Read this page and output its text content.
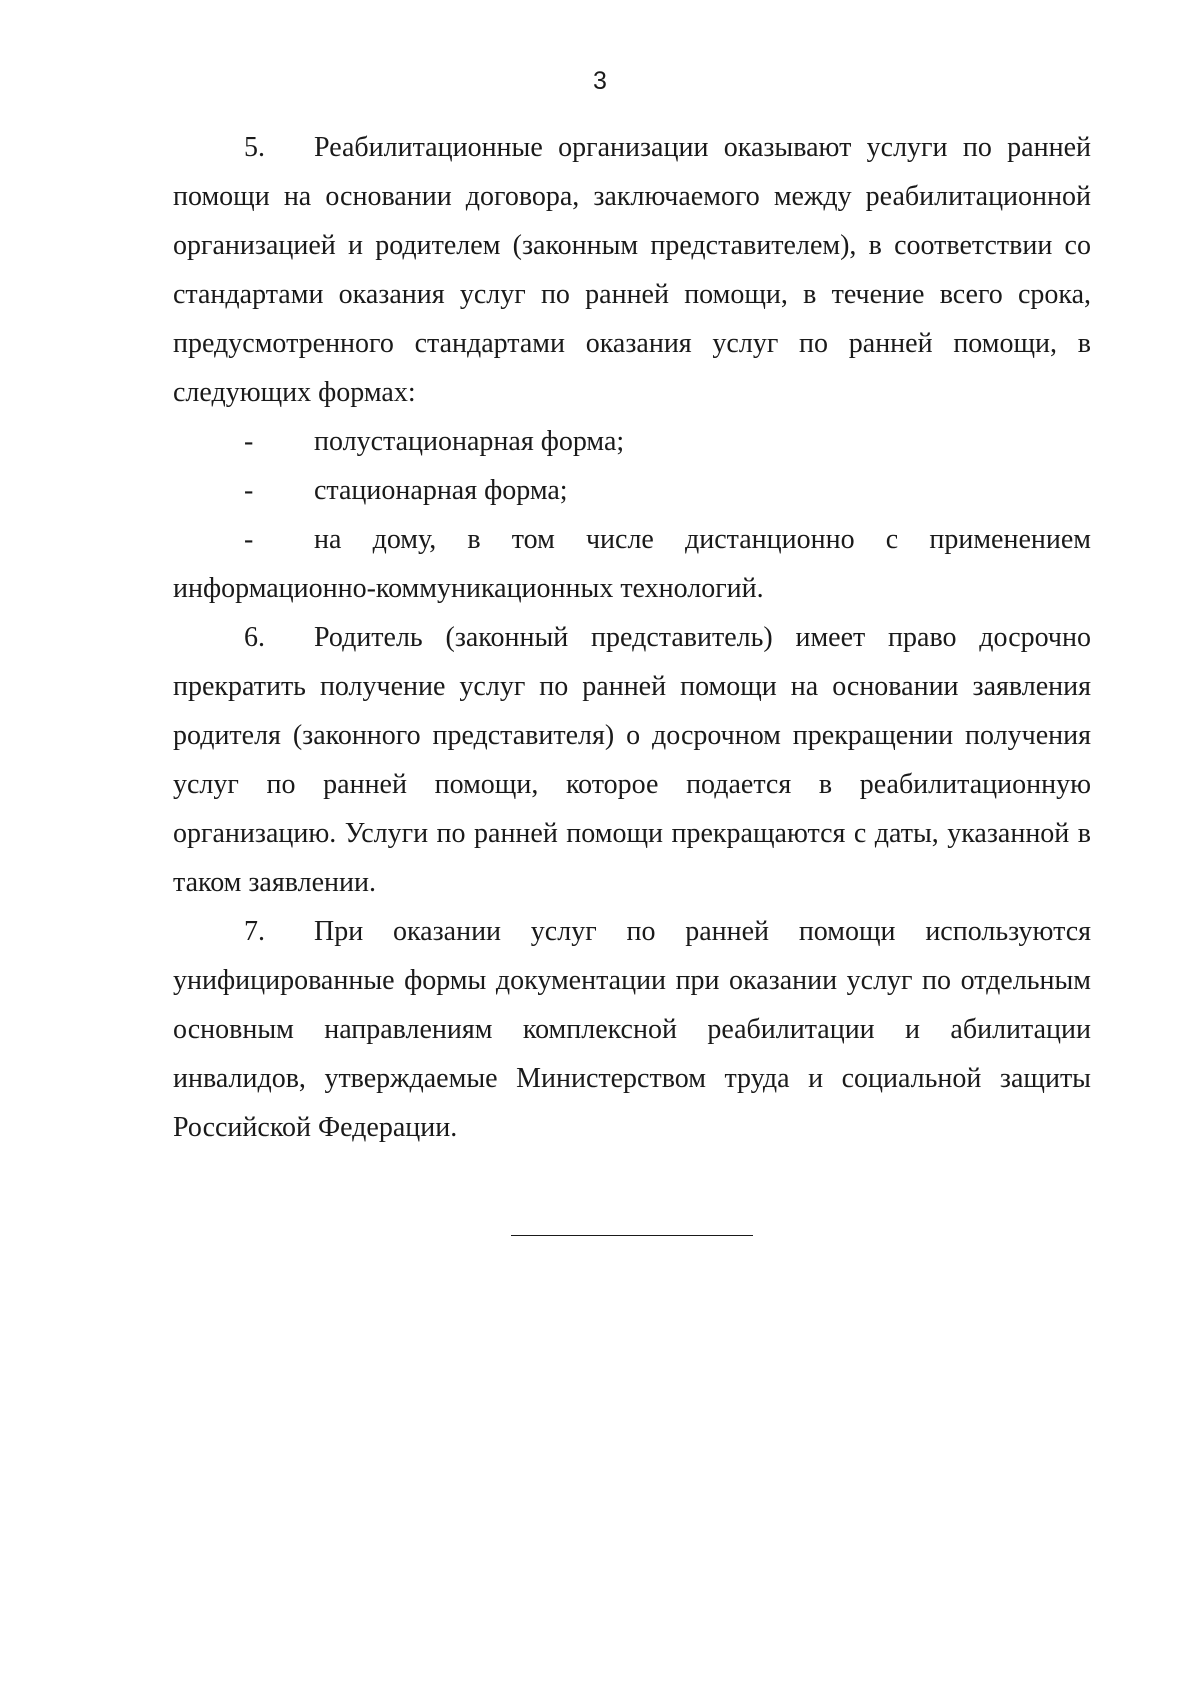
3

5. Реабилитационные организации оказывают услуги по ранней помощи на основании договора, заключаемого между реабилитационной организацией и родителем (законным представителем), в соответствии со стандартами оказания услуг по ранней помощи, в течение всего срока, предусмотренного стандартами оказания услуг по ранней помощи, в следующих формах:

- полустационарная форма;

- стационарная форма;

- на дому, в том числе дистанционно с применением информационно-коммуникационных технологий.

6. Родитель (законный представитель) имеет право досрочно прекратить получение услуг по ранней помощи на основании заявления родителя (законного представителя) о досрочном прекращении получения услуг по ранней помощи, которое подается в реабилитационную организацию. Услуги по ранней помощи прекращаются с даты, указанной в таком заявлении.

7. При оказании услуг по ранней помощи используются унифицированные формы документации при оказании услуг по отдельным основным направлениям комплексной реабилитации и абилитации инвалидов, утверждаемые Министерством труда и социальной защиты Российской Федерации.
